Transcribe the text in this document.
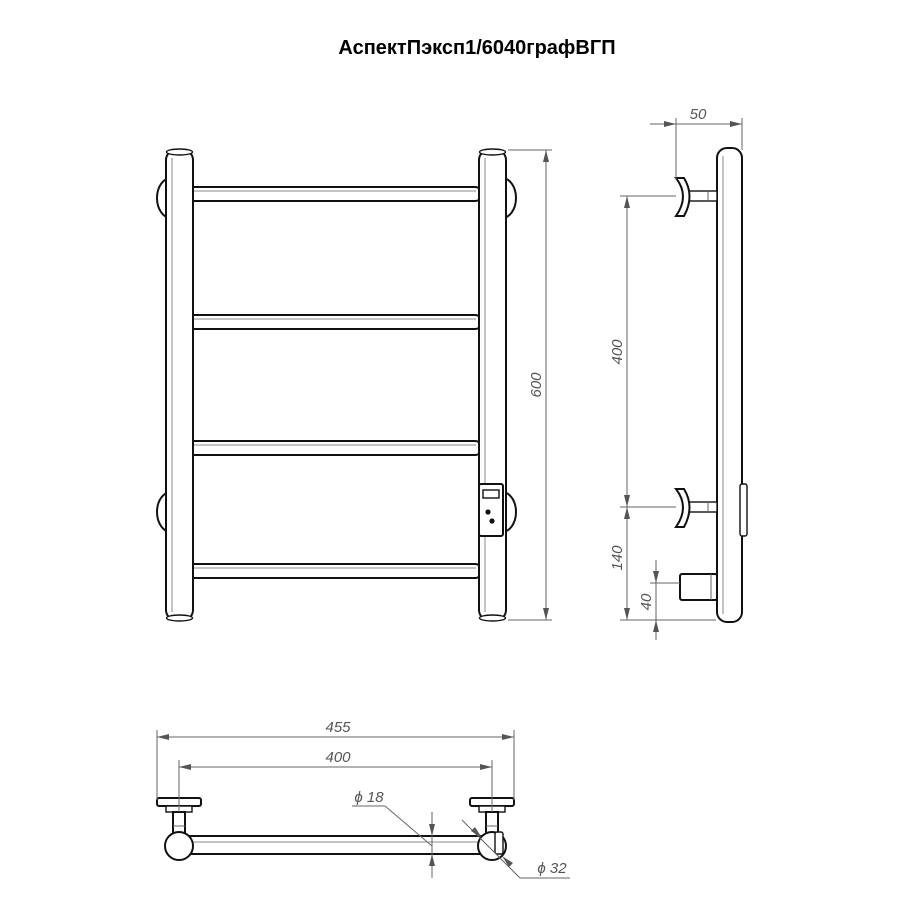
АспектПэксп1/6040графВГП
600
50
400
140
40
455
400
ϕ 18
ϕ 32
